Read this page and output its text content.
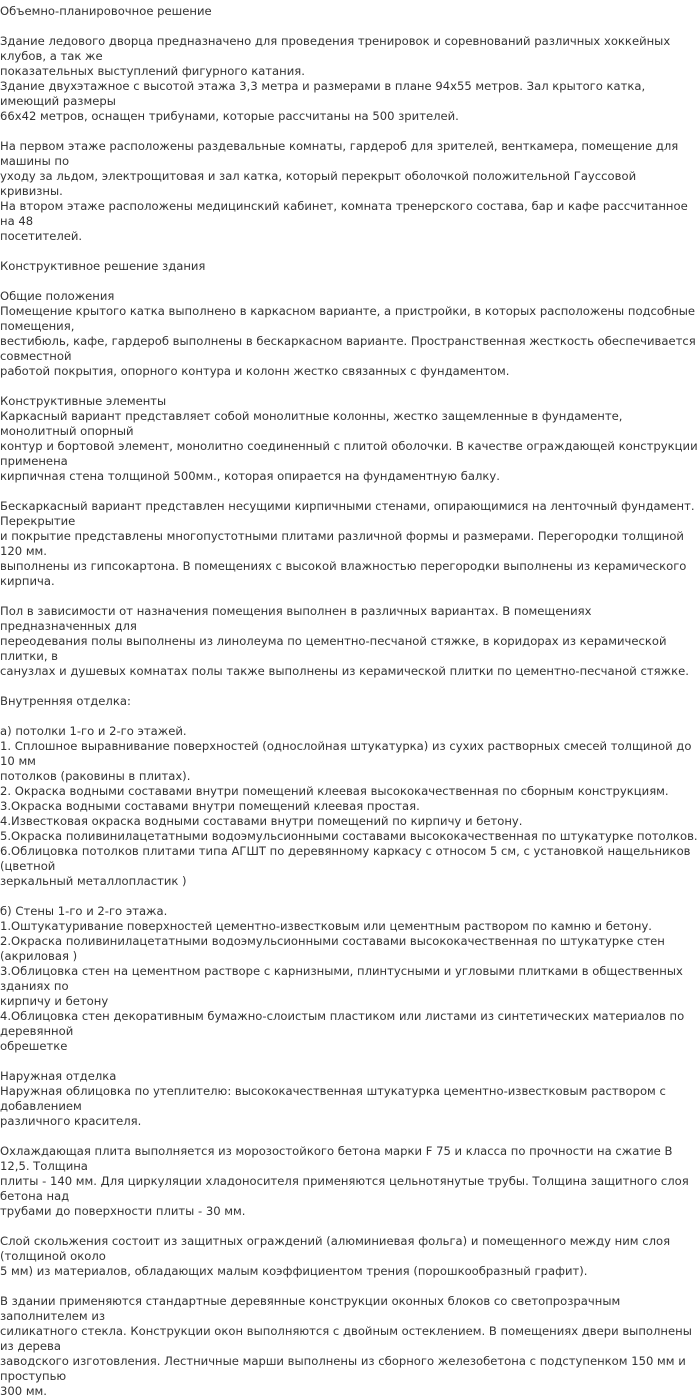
Объемно-планировочное решение

Здание ледового дворца предназначено для проведения тренировок и соревнований различных хоккейных клубов, а так же
показательных выступлений фигурного катания.
Здание двухэтажное с высотой этажа 3,3 метра и размерами в плане 94х55 метров. Зал крытого катка, имеющий размеры
66х42 метров, оснащен трибунами, которые рассчитаны на 500 зрителей.

На первом этаже расположены раздевальные комнаты, гардероб для зрителей, венткамера, помещение для машины по
уходу за льдом, электрощитовая и зал катка, который перекрыт оболочкой положительной Гауссовой кривизны.
На втором этаже расположены медицинский кабинет, комната тренерского состава, бар и кафе рассчитанное на 48
посетителей.

Конструктивное решение здания

Общие положения
Помещение крытого катка выполнено в каркасном варианте, а пристройки, в которых расположены подсобные помещения,
вестибюль, кафе, гардероб выполнены в бескаркасном варианте. Пространственная жесткость обеспечивается совместной
работой покрытия, опорного контура и колонн жестко связанных с фундаментом.

Конструктивные элементы
Каркасный вариант представляет собой монолитные колонны, жестко защемленные в фундаменте, монолитный опорный
контур и бортовой элемент, монолитно соединенный с плитой оболочки. В качестве ограждающей конструкции применена
кирпичная стена толщиной 500мм., которая опирается на фундаментную балку.

Бескаркасный вариант представлен несущими кирпичными стенами, опирающимися на ленточный фундамент. Перекрытие
и покрытие представлены многопустотными плитами различной формы и размерами. Перегородки толщиной 120 мм.
выполнены из гипсокартона. В помещениях с высокой влажностью перегородки выполнены из керамического кирпича.

Пол в зависимости от назначения помещения выполнен в различных вариантах. В помещениях предназначенных для
переодевания полы выполнены из линолеума по цементно-песчаной стяжке, в коридорах из керамической плитки, в
санузлах и душевых комнатах полы также выполнены из керамической плитки по цементно-песчаной стяжке.

Внутренняя отделка:

а) потолки 1-го и 2-го этажей.
1. Сплошное выравнивание поверхностей (однослойная штукатурка) из сухих растворных смесей толщиной до 10 мм
потолков (раковины в плитах).
2. Окраска водными составами внутри помещений клеевая высококачественная по сборным конструкциям.
3.Окраска водными составами внутри помещений клеевая простая.
4.Известковая окраска водными составами внутри помещений по кирпичу и бетону.
5.Окраска поливинилацетатными водоэмульсионными составами высококачественная по штукатурке потолков.
6.Облицовка потолков плитами типа АГШТ по деревянному каркасу с относом 5 см, с установкой нащельников (цветной
зеркальный металлопластик )

б) Стены 1-го и 2-го этажа.
1.Оштукатуривание поверхностей цементно-известковым или цементным раствором по камню и бетону.
2.Окраска поливинилацетатными водоэмульсионными составами высококачественная по штукатурке стен (акриловая )
3.Облицовка стен на цементном растворе с карнизными, плинтусными и угловыми плитками в общественных зданиях по
кирпичу и бетону
4.Облицовка стен декоративным бумажно-слоистым пластиком или листами из синтетических материалов по деревянной
обрешетке

Наружная отделка
Наружная облицовка по утеплителю: высококачественная штукатурка цементно-известковым раствором с добавлением
различного красителя.

Охлаждающая плита выполняется из морозостойкого бетона марки F 75 и класса по прочности на сжатие В 12,5. Толщина
плиты - 140 мм. Для циркуляции хладоносителя применяются цельнотянутые трубы. Толщина защитного слоя бетона над
трубами до поверхности плиты - 30 мм.

Слой скольжения состоит из защитных ограждений (алюминиевая фольга) и помещенного между ним слоя (толщиной около
5 мм) из материалов, обладающих малым коэффициентом трения (порошкообразный графит).

В здании применяются стандартные деревянные конструкции оконных блоков со светопрозрачным заполнителем из
силикатного стекла. Конструкции окон выполняются с двойным остеклением. В помещениях двери выполнены из дерева
заводского изготовления. Лестничные марши выполнены из сборного железобетона с подступенком 150 мм и проступью
300 мм.
